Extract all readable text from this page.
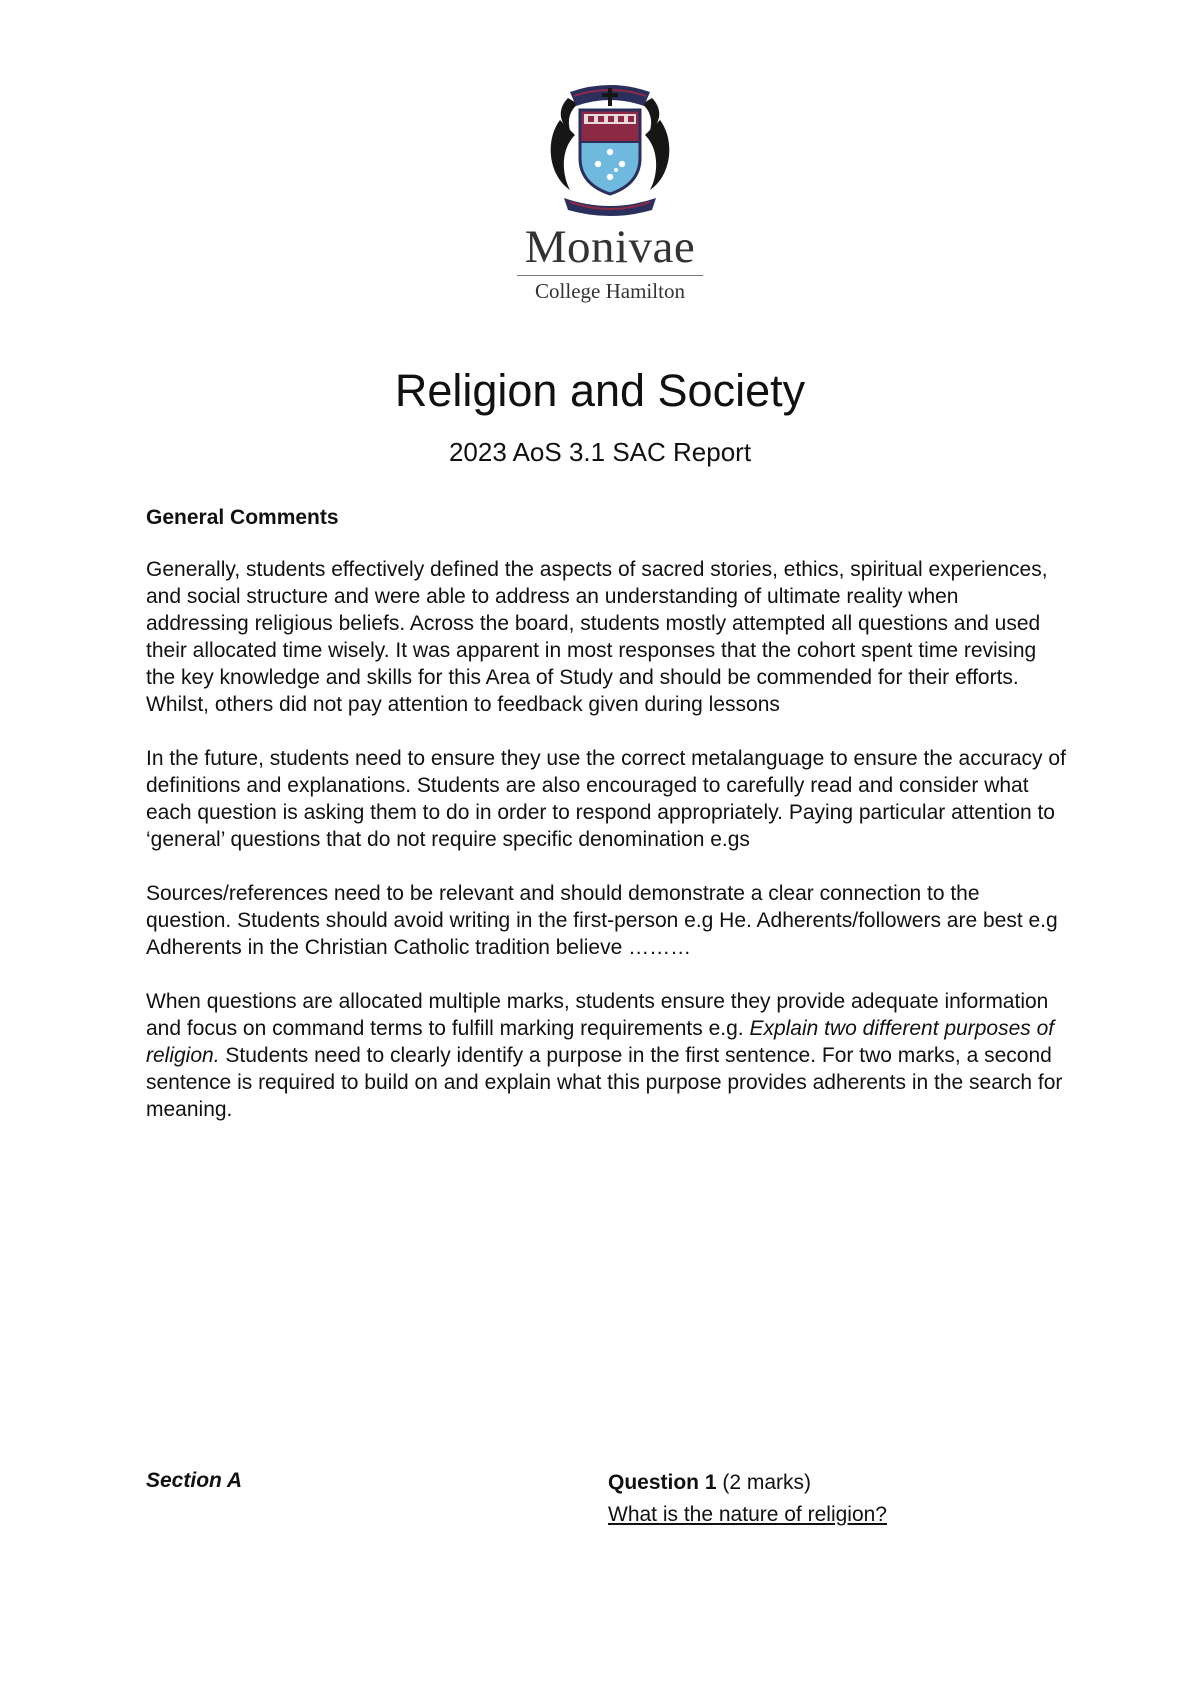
Monivae
College Hamilton
Religion and Society
2023 AoS 3.1 SAC Report
General Comments

Generally, students effectively defined the aspects of sacred stories, ethics, spiritual experiences, and social structure and were able to address an understanding of ultimate reality when addressing religious beliefs. Across the board, students mostly attempted all questions and used their allocated time wisely. It was apparent in most responses that the cohort spent time revising the key knowledge and skills for this Area of Study and should be commended for their efforts. Whilst, others did not pay attention to feedback given during lessons

In the future, students need to ensure they use the correct metalanguage to ensure the accuracy of definitions and explanations. Students are also encouraged to carefully read and consider what each question is asking them to do in order to respond appropriately. Paying particular attention to ‘general’ questions that do not require specific denomination e.gs

Sources/references need to be relevant and should demonstrate a clear connection to the question. Students should avoid writing in the first-person e.g He. Adherents/followers are best e.g Adherents in the Christian Catholic tradition believe ………

When questions are allocated multiple marks, students ensure they provide adequate information and focus on command terms to fulfill marking requirements e.g. Explain two different purposes of religion. Students need to clearly identify a purpose in the first sentence. For two marks, a second sentence is required to build on and explain what this purpose provides adherents in the search for meaning.

Section A	Question 1 (2 marks)
What is the nature of religion?
